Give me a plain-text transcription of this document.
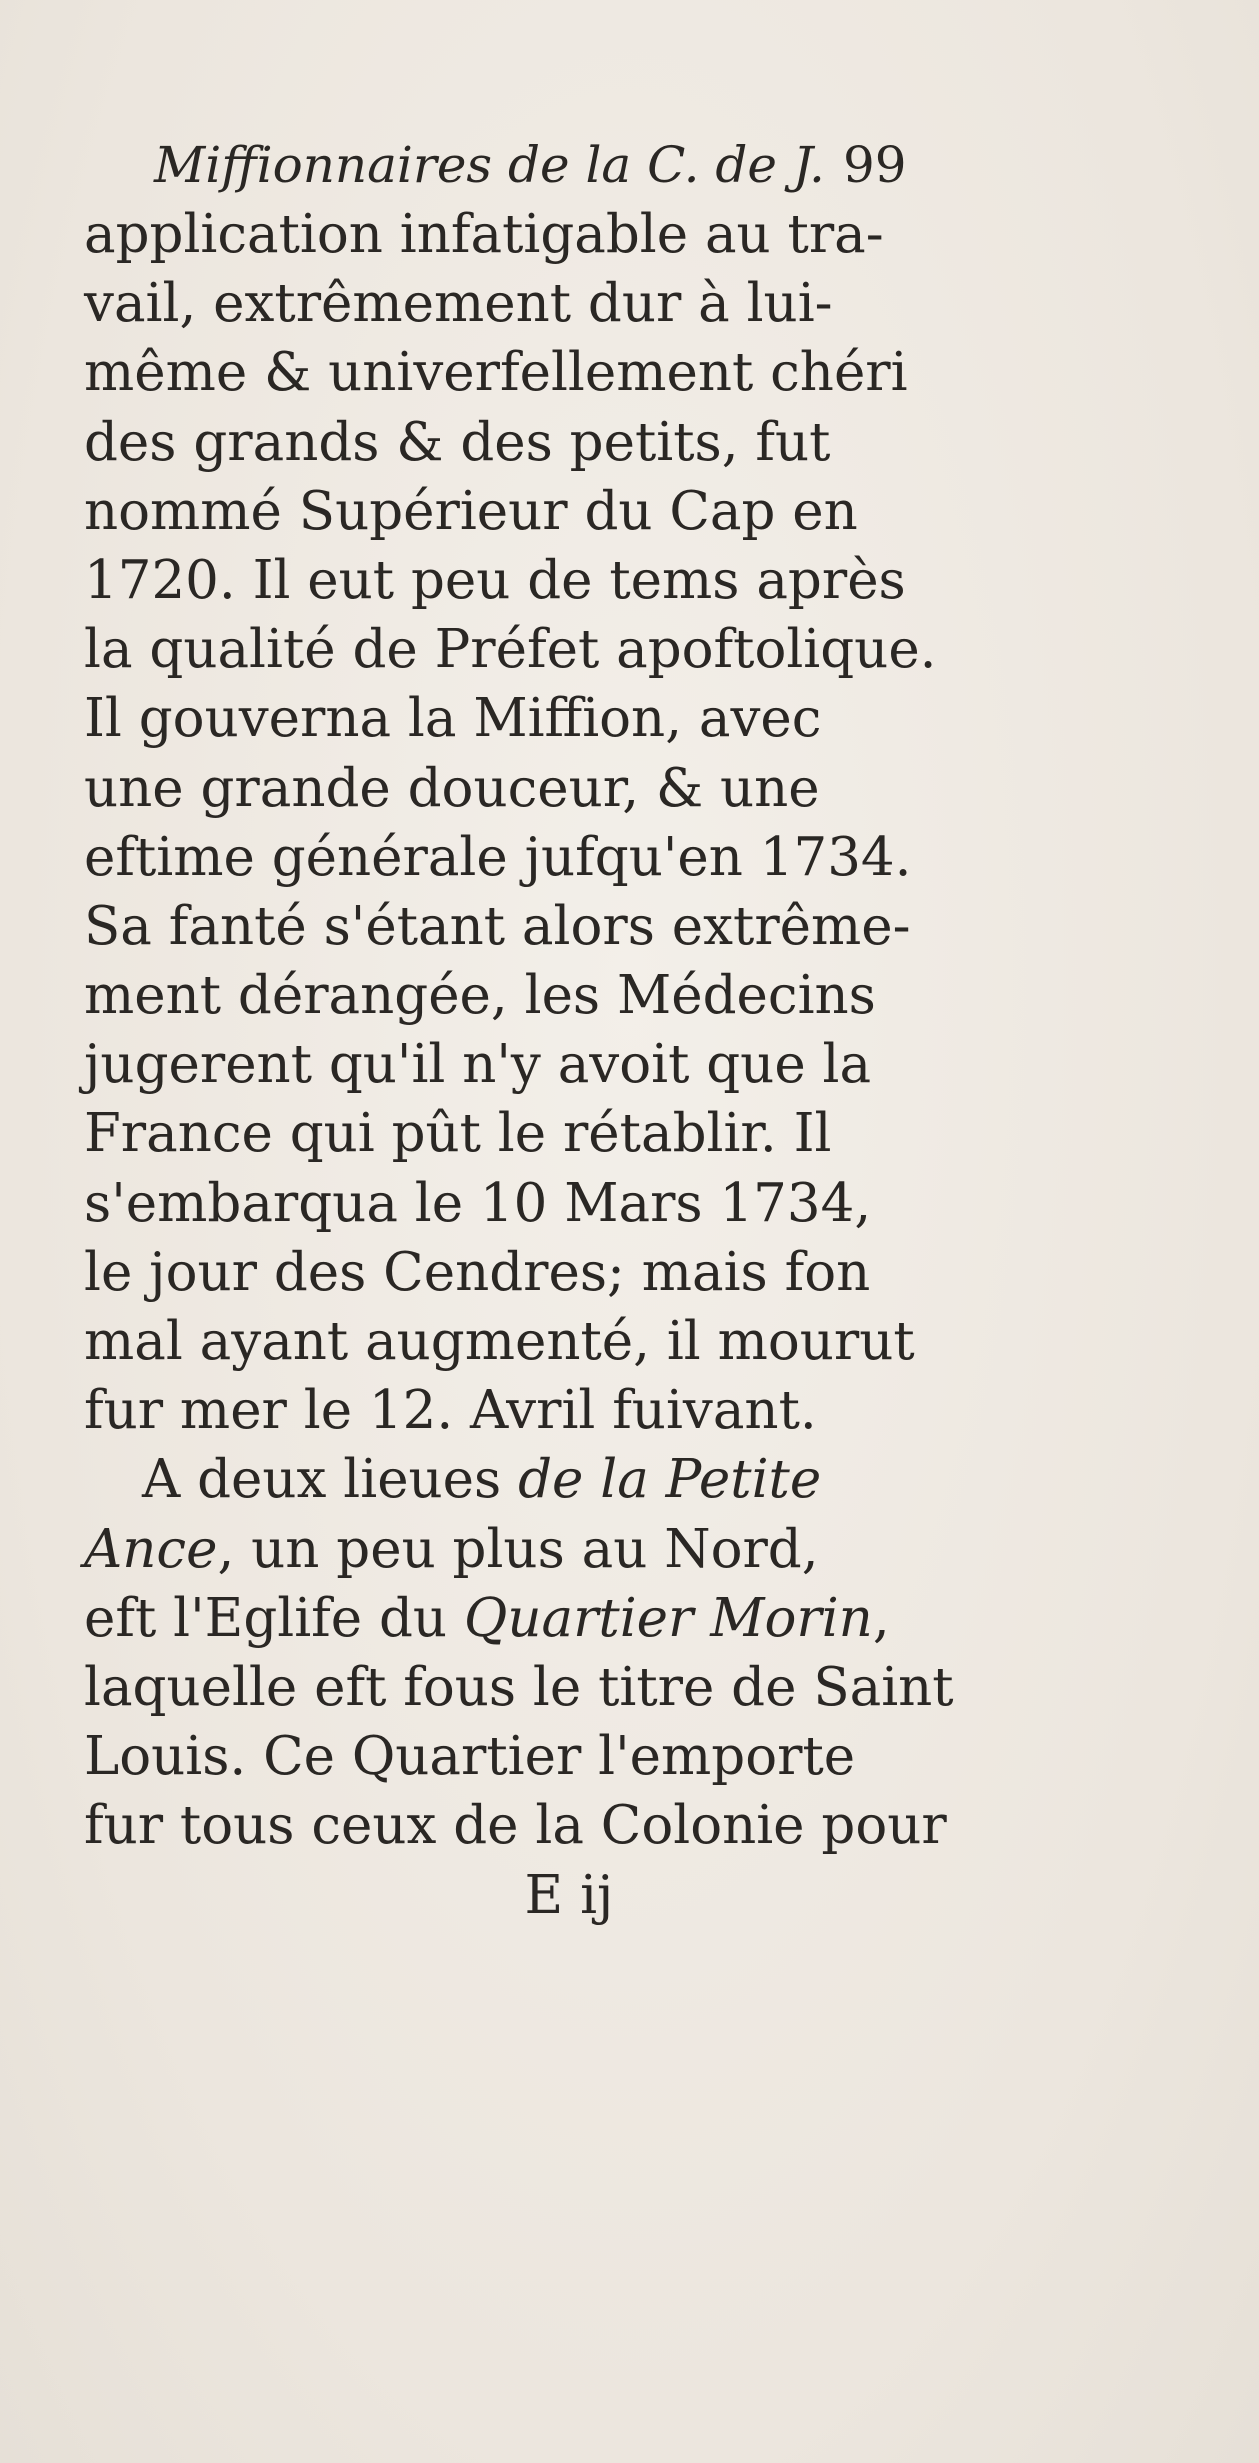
Miffionnaires de la C. de J. 99
application infatigable au tra-
vail, extrêmement dur à lui-
même & univerfellement chéri
des grands & des petits, fut
nommé Supérieur du Cap en
1720. Il eut peu de tems après
la qualité de Préfet apoftolique.
Il gouverna la Miffion, avec
une grande douceur, & une
eftime générale jufqu'en 1734.
Sa fanté s'étant alors extrême-
ment dérangée, les Médecins
jugerent qu'il n'y avoit que la
France qui pût le rétablir. Il
s'embarqua le 10 Mars 1734,
le jour des Cendres; mais fon
mal ayant augmenté, il mourut
fur mer le 12. Avril fuivant.
A deux lieues de la Petite
Ance, un peu plus au Nord,
eft l'Eglife du Quartier Morin,
laquelle eft fous le titre de Saint
Louis. Ce Quartier l'emporte
fur tous ceux de la Colonie pour
E ij
